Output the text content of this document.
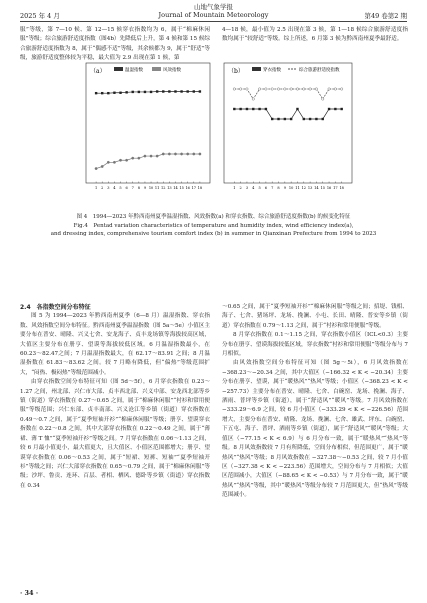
山地气象学报
Journal of Mountain Meteorology
2025 年 4 月	第49 卷第2 期

服”等级，第 7—10 候、第 12—15 候穿衣指数均为 6，属于“棉麻休闲服”等级；综合旅游舒适度指数（图4b）先降低后上升，第 4 候和第 15 候综合旅游舒适度指数为 8，属于“偶感不适”等级，其余候都为 9，属于“舒适”等级，旅游舒适度整体较为平稳，最大值为 2.9 出现在第 1 候，第

4—18 候，最小值为 2.5 出现在第 3 候，第 1—18 候综合旅游舒适度指数均属于“较舒适”等级。综上所述，6 月第 3 候为黔西南州夏季最舒适。

（a）	（b）
温湿指数	风效指数	穿衣指数	综合旅游舒适度指数
1 2 3 4 5 6 7 8 9 10 11 12 13 14 15 16 17 18	1 2 3 4 5 6 7 8 9 10 11 12 13 14 15 16 17 18
图 4　1994—2023 年黔西南州夏季温湿指数、风效指数(a) 和穿衣指数、综合旅游舒适度指数(b) 的候变化特征
Fig.4　Pentad variation characteristics of temperature and humidity index, wind efficiency index(a),
and dressing index, comprehensive tourism comfort index (b) in summer in Qianxinan Prefecture from 1994 to 2023
2.4　各指数空间分布特征

图 5 为 1994—2023 年黔西南州夏季（6—8 月）温湿指数、穿衣指数、风效指数空间分布特征。黔西南州夏季温湿指数（图 5a～5e）小值区主要分布在普安、晴隆、兴义七舍、安龙海子、贞丰龙场镇等海拔较高区域，大值区主要分布在册亨、望谟等海拔较低区域。6 月温湿指数最小，在 60.23～82.47之间；7 月温湿指数最大，在 62.17～83.91 之间；8 月温湿指数在 61.83～83.62 之间。较 7 月略有降低，但“偏热”等级范围扩大，“闷热、极闷热”等级范围减小。

由穿衣指数空间分布特征可知（图 5d～5f），6 月穿衣指数在 0.23～1.27 之间，州北部、兴仁市大部、贞丰西北部、兴义中部、安龙西北部等乡镇（街道）穿衣指数在 0.27～0.65 之间，属于“棉麻休闲服”“衬衫和常用便服”等级范围；兴仁东部、贞丰南部、兴义沧江等乡镇（街道）穿衣指数在 0.49～0.7 之间，属于“夏季短袖开衫”“棉麻休闲服”等级；册亨、望谟穿衣指数在 0.22～0.8 之间，其中大部穿衣指数在 0.22～0.49 之间，属于“薄裙、薄 T 恤”“夏季短袖开衫”等级之间。7 月穿衣指数在 0.06～1.13 之间，较 6 月最小值更小，最大值更大，且大值区、小值区范围都增大；册亨、望谟穿衣指数在 0.06～0.53 之间，属于“短裙、短裤、短袖”“夏季短袖开衫”等级之间；兴仁大部穿衣指数在 0.65～0.79 之间，属于“棉麻休闲服”等级；沙坪、鲁贡、连环、百层、者相、栖风、德卧等乡镇（街道）穿衣指数在 0.34

～0.65 之间，属于“夏季短袖开衫”“棉麻休闲服”等级之间；招堤、钱相、海子、七舍、猪场坪、龙场、挽澜、小屯、长田、晴隆、普安等乡镇（街道）穿衣指数在 0.79～1.13 之间，属于“衬衫和常用便服”等级。

8 月穿衣指数在 0.1～1.15 之间，穿衣指数小值区（ICL<0.3）主要分布在册亨、望谟海拔较低区域，穿衣指数“衬衫和常用便服”等级分布与 7 月相似。

由风效指数空间分布特征可知（图 5g～5i），6 月风效指数在 −368.23～−20.34 之间，其中大值区（−166.32 < K < −20.34）主要分布在册亨、望谟，属于“暖热风”“热风”等级；小值区（−368.23 < K < −257.73）主要分布在普安、晴隆、七舍、白碗窑、龙场、挽澜、海子、洒雨、普坪等乡镇（街道），属于“舒适风”“暖风”等级。7 月风效指数在 −333.29～6.9 之间，较 6 月小值区（−333.29 < K < −226.56）范围增大，主要分布在普安、晴隆、龙场、挽澜、七舍、雄武、坪东、白碗窑、下五屯、海子、普坪、洒雨等乡镇（街道），属于“舒适风”“暖风”等级；大值区（−77.15 < K < 6.9）与 6 月分布一致，属于“暖热风”“热风”等级。8 月风效指数较 7 月有所降低，空间分布相似，但范围更广，属于“暖热风”“热风”等级；8 月风效指数在 −327.38～−0.53 之间，较 7 月小值区（−327.38 < K < −223.56）范围增大，空间分布与 7 月相似；大值区范围减小，大值区（−88.65 < K < −0.53）与 7 月分布一致，属于“暖热风”“热风”等级，其中“暖热风”等级分布较 7 月范围更大，但“热风”等级范围减小。

· 34 ·
